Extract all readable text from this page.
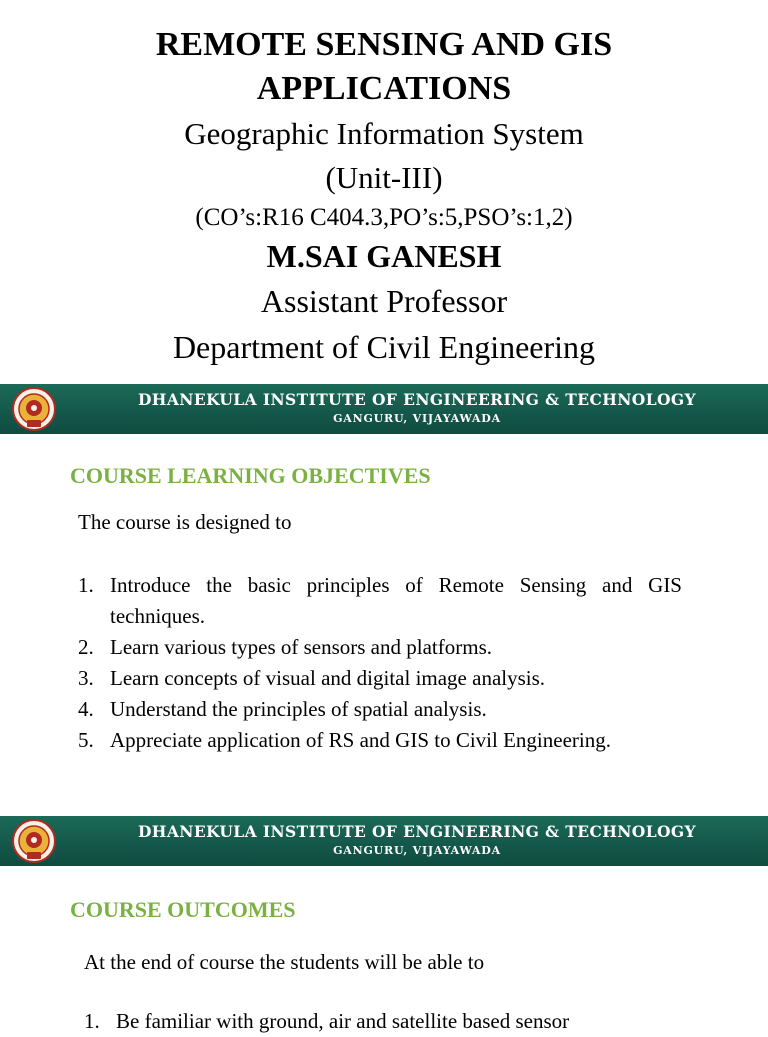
REMOTE SENSING AND GIS
APPLICATIONS
Geographic Information System
(Unit-III)
(CO’s:R16 C404.3,PO’s:5,PSO’s:1,2)
M.SAI GANESH
Assistant Professor
Department of Civil Engineering
DHANEKULA INSTITUTE OF ENGINEERING & TECHNOLOGY
GANGURU, VIJAYAWADA
COURSE LEARNING OBJECTIVES
The course is designed to
1. Introduce the basic principles of Remote Sensing and GIS techniques.
2. Learn various types of sensors and platforms.
3. Learn concepts of visual and digital image analysis.
4. Understand the principles of spatial analysis.
5. Appreciate application of RS and GIS to Civil Engineering.
DHANEKULA INSTITUTE OF ENGINEERING & TECHNOLOGY
GANGURU, VIJAYAWADA
COURSE OUTCOMES
At the end of course the students will be able to
1. Be familiar with ground, air and satellite based sensor
